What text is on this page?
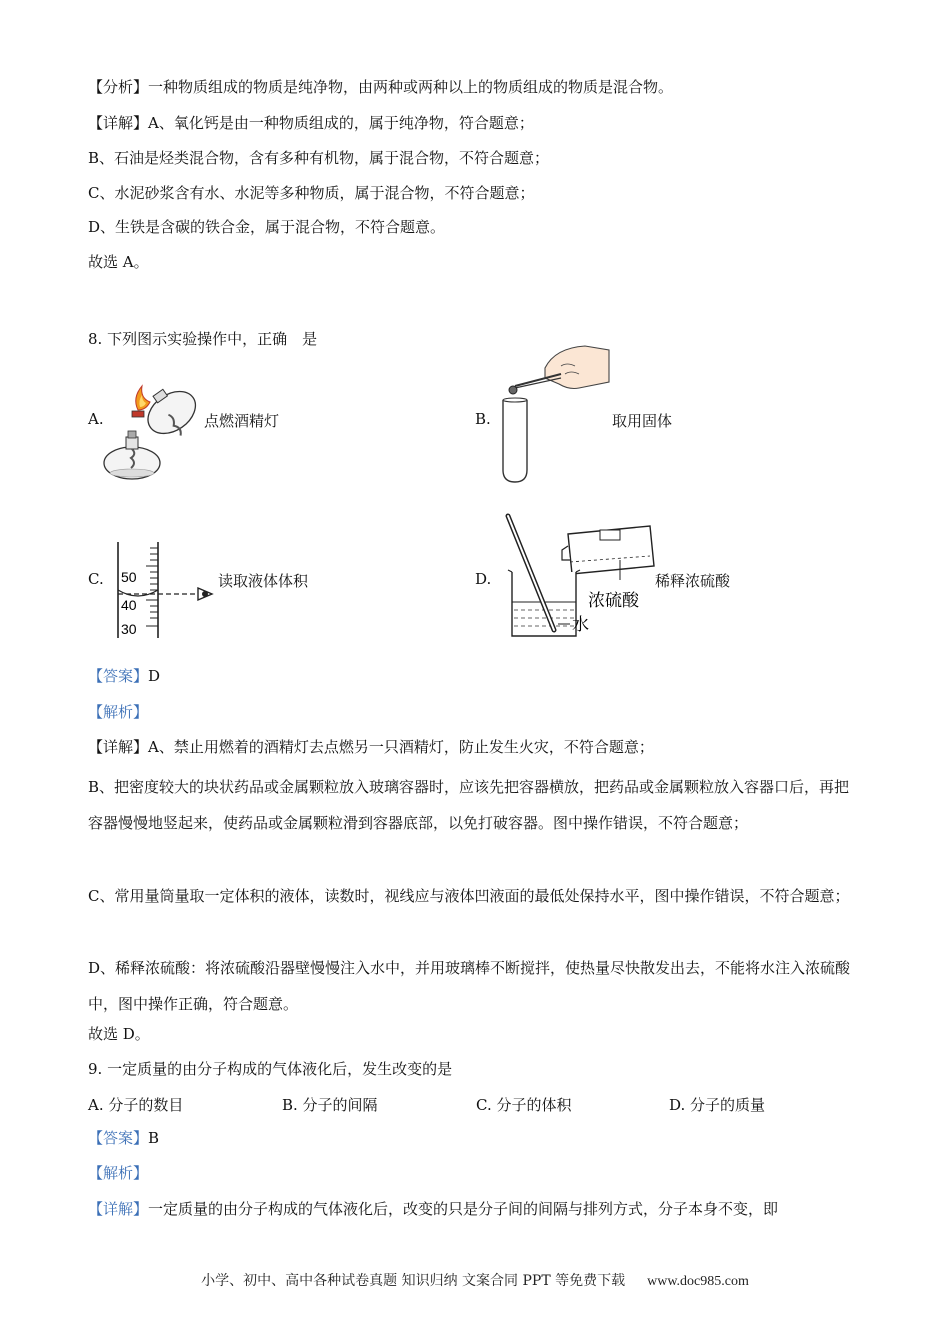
【分析】一种物质组成的物质是纯净物，由两种或两种以上的物质组成的物质是混合物。
【详解】A、氧化钙是由一种物质组成的，属于纯净物，符合题意；
B、石油是烃类混合物，含有多种有机物，属于混合物，不符合题意；
C、水泥砂浆含有水、水泥等多种物质，属于混合物，不符合题意；
D、生铁是含碳的铁合金，属于混合物，不符合题意。
故选 A。
8. 下列图示实验操作中，正确　是
A.	点燃酒精灯	B.	取用固体
C. 50
40
30
读取液体体积	D.
浓硫酸
水
稀释浓硫酸
【答案】D
【解析】
【详解】A、禁止用燃着的酒精灯去点燃另一只酒精灯，防止发生火灾，不符合题意；
B、把密度较大的块状药品或金属颗粒放入玻璃容器时，应该先把容器横放，把药品或金属颗粒放入容器口后，再把容器慢慢地竖起来，使药品或金属颗粒滑到容器底部，以免打破容器。图中操作错误，不符合题意；
C、常用量筒量取一定体积的液体，读数时，视线应与液体凹液面的最低处保持水平，图中操作错误，不符合题意；
D、稀释浓硫酸：将浓硫酸沿器壁慢慢注入水中，并用玻璃棒不断搅拌，使热量尽快散发出去，不能将水注入浓硫酸中，图中操作正确，符合题意。
故选 D。
9. 一定质量的由分子构成的气体液化后，发生改变的是
A. 分子的数目	B. 分子的间隔	C. 分子的体积	D. 分子的质量
【答案】B
【解析】
【详解】一定质量的由分子构成的气体液化后，改变的只是分子间的间隔与排列方式，分子本身不变，即
小学、初中、高中各种试卷真题 知识归纳 文案合同 PPT 等免费下载 www.doc985.com
